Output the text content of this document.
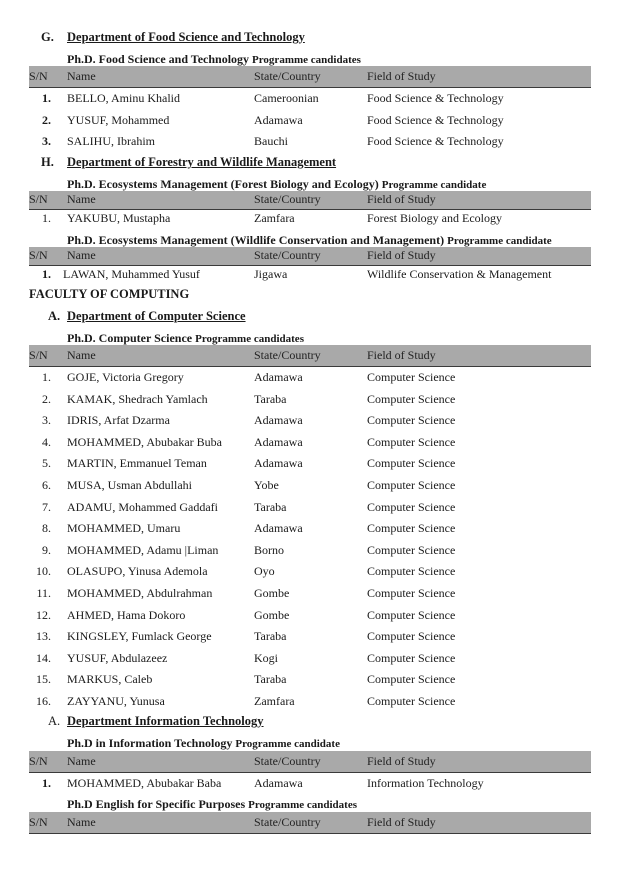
G. Department of Food Science and Technology
Ph.D. Food Science and Technology Programme candidates
S/N Name	State/Country	Field of Study
1. BELLO, Aminu Khalid	Cameroonian	Food Science & Technology
2. YUSUF, Mohammed	Adamawa	Food Science & Technology
3. SALIHU, Ibrahim	Bauchi	Food Science & Technology
H. Department of Forestry and Wildlife Management
Ph.D. Ecosystems Management (Forest Biology and Ecology) Programme candidate
S/N Name	State/Country	Field of Study
1. YAKUBU, Mustapha	Zamfara	Forest Biology and Ecology
Ph.D. Ecosystems Management (Wildlife Conservation and Management) Programme candidate
S/N Name	State/Country	Field of Study
1. LAWAN, Muhammed Yusuf	Jigawa	Wildlife Conservation & Management
FACULTY OF COMPUTING
A. Department of Computer Science
Ph.D. Computer Science Programme candidates
S/N Name	State/Country	Field of Study
1. GOJE, Victoria Gregory	Adamawa	Computer Science
2. KAMAK, Shedrach Yamlach	Taraba	Computer Science
3. IDRIS, Arfat Dzarma	Adamawa	Computer Science
4. MOHAMMED, Abubakar Buba	Adamawa	Computer Science
5. MARTIN, Emmanuel Teman	Adamawa	Computer Science
6. MUSA, Usman Abdullahi	Yobe	Computer Science
7. ADAMU, Mohammed Gaddafi	Taraba	Computer Science
8. MOHAMMED, Umaru	Adamawa	Computer Science
9. MOHAMMED, Adamu |Liman	Borno	Computer Science
10. OLASUPO, Yinusa Ademola	Oyo	Computer Science
11. MOHAMMED, Abdulrahman	Gombe	Computer Science
12. AHMED, Hama Dokoro	Gombe	Computer Science
13. KINGSLEY, Fumlack George	Taraba	Computer Science
14. YUSUF, Abdulazeez	Kogi	Computer Science
15. MARKUS, Caleb	Taraba	Computer Science
16. ZAYYANU, Yunusa	Zamfara	Computer Science
A. Department Information Technology
Ph.D in Information Technology Programme candidate
S/N Name	State/Country	Field of Study
1. MOHAMMED, Abubakar Baba	Adamawa	Information Technology
Ph.D English for Specific Purposes Programme candidates
S/N Name	State/Country	Field of Study
